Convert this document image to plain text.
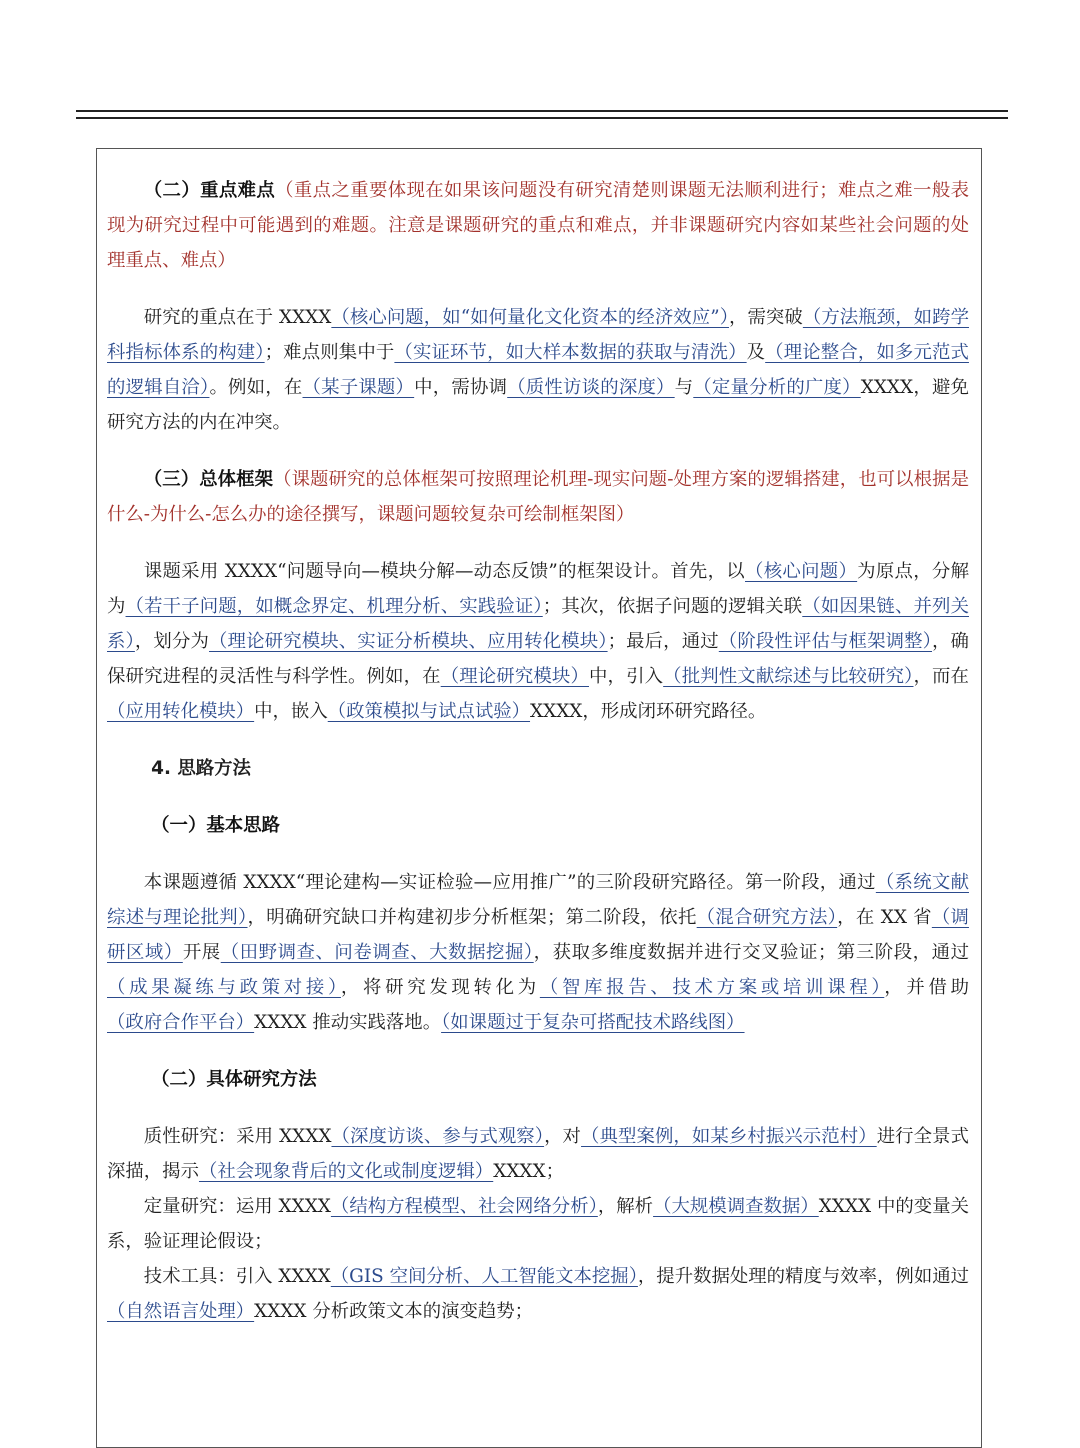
（二）重点难点（重点之重要体现在如果该问题没有研究清楚则课题无法顺利进行；难点之难一般表现为研究过程中可能遇到的难题。注意是课题研究的重点和难点，并非课题研究内容如某些社会问题的处理重点、难点）

研究的重点在于 XXXX（核心问题，如“如何量化文化资本的经济效应”），需突破（方法瓶颈，如跨学科指标体系的构建）；难点则集中于（实证环节，如大样本数据的获取与清洗）及（理论整合，如多元范式的逻辑自洽）。例如，在（某子课题）中，需协调（质性访谈的深度）与（定量分析的广度）XXXX，避免研究方法的内在冲突。

（三）总体框架（课题研究的总体框架可按照理论机理-现实问题-处理方案的逻辑搭建，也可以根据是什么-为什么-怎么办的途径撰写，课题问题较复杂可绘制框架图）

课题采用 XXXX“问题导向—模块分解—动态反馈”的框架设计。首先，以（核心问题）为原点，分解为（若干子问题，如概念界定、机理分析、实践验证）；其次，依据子问题的逻辑关联（如因果链、并列关系），划分为（理论研究模块、实证分析模块、应用转化模块）；最后，通过（阶段性评估与框架调整），确保研究进程的灵活性与科学性。例如，在（理论研究模块）中，引入（批判性文献综述与比较研究），而在（应用转化模块）中，嵌入（政策模拟与试点试验）XXXX，形成闭环研究路径。

4. 思路方法

（一）基本思路

本课题遵循 XXXX“理论建构—实证检验—应用推广”的三阶段研究路径。第一阶段，通过（系统文献综述与理论批判），明确研究缺口并构建初步分析框架；第二阶段，依托（混合研究方法），在 XX 省（调研区域）开展（田野调查、问卷调查、大数据挖掘），获取多维度数据并进行交叉验证；第三阶段，通过（成果凝练与政策对接），将研究发现转化为（智库报告、技术方案或培训课程），并借助（政府合作平台）XXXX 推动实践落地。（如课题过于复杂可搭配技术路线图）

（二）具体研究方法

质性研究：采用 XXXX（深度访谈、参与式观察），对（典型案例，如某乡村振兴示范村）进行全景式深描，揭示（社会现象背后的文化或制度逻辑）XXXX；

定量研究：运用 XXXX（结构方程模型、社会网络分析），解析（大规模调查数据）XXXX 中的变量关系，验证理论假设；

技术工具：引入 XXXX（GIS 空间分析、人工智能文本挖掘），提升数据处理的精度与效率，例如通过（自然语言处理）XXXX 分析政策文本的演变趋势；
